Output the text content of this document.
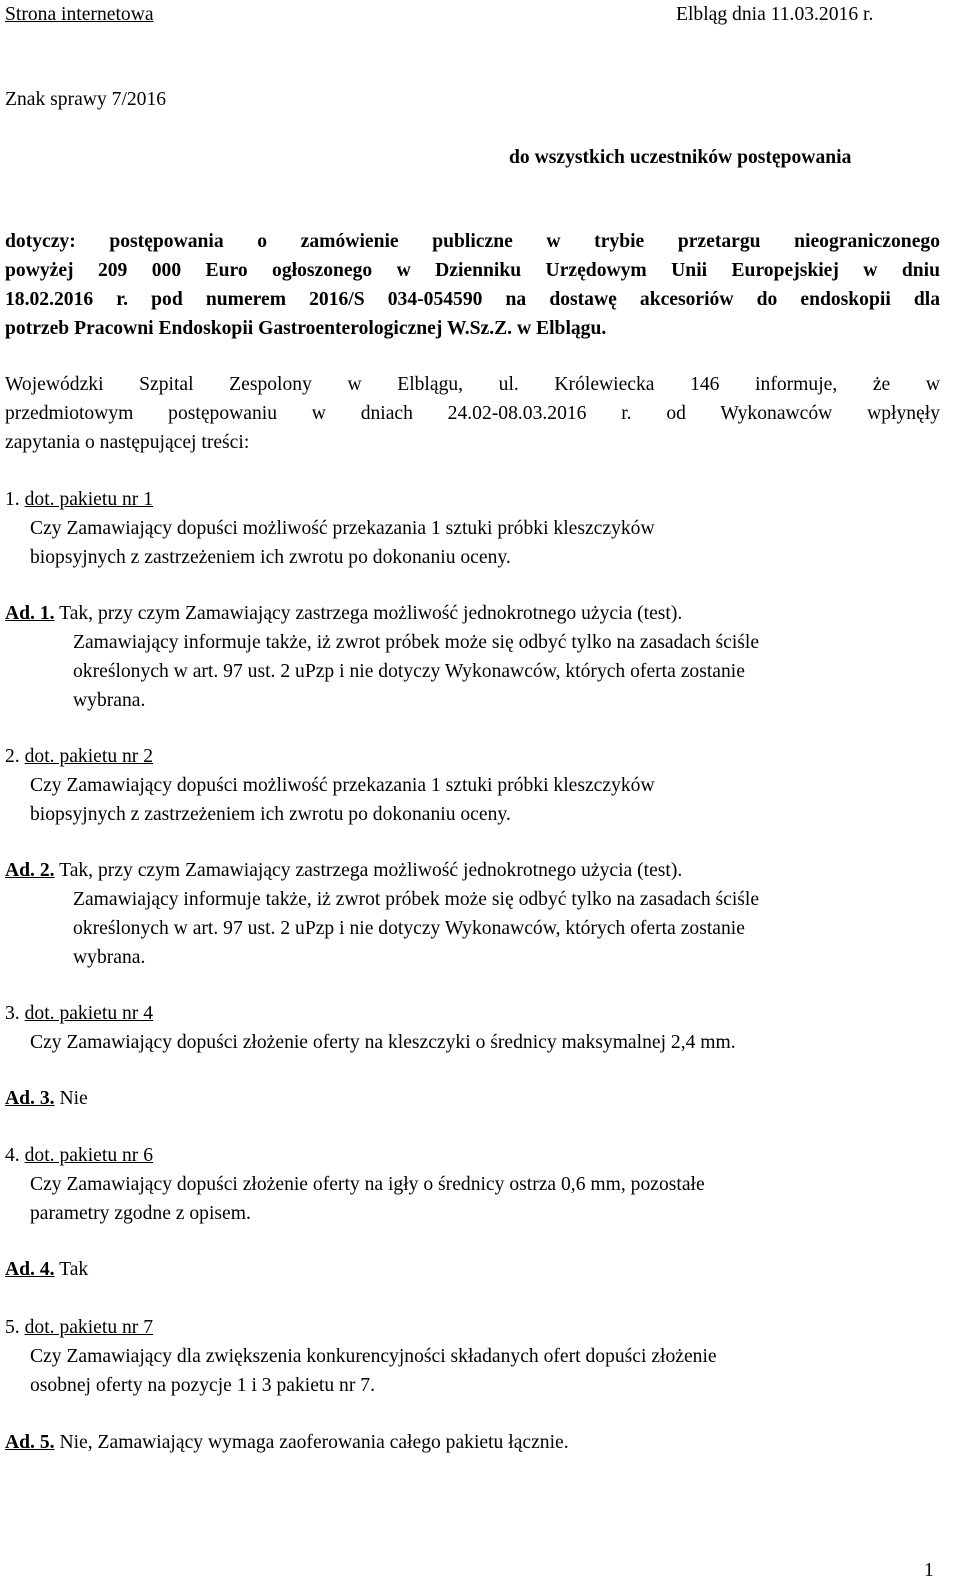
Strona internetowa	Elbląg dnia 11.03.2016 r.
Znak sprawy 7/2016
do wszystkich uczestników postępowania
dotyczy: postępowania o zamówienie publiczne w trybie przetargu nieograniczonego
powyżej 209 000 Euro ogłoszonego w Dzienniku Urzędowym Unii Europejskiej w dniu
18.02.2016 r. pod numerem 2016/S 034-054590 na dostawę akcesoriów do endoskopii dla
potrzeb Pracowni Endoskopii Gastroenterologicznej W.Sz.Z. w Elblągu.
Wojewódzki Szpital Zespolony w Elblągu, ul. Królewiecka 146 informuje, że w
przedmiotowym postępowaniu w dniach 24.02-08.03.2016 r. od Wykonawców wpłynęły
zapytania o następującej treści:
1. dot. pakietu nr 1
Czy Zamawiający dopuści możliwość przekazania 1 sztuki próbki kleszczyków
biopsyjnych z zastrzeżeniem ich zwrotu po dokonaniu oceny.
Ad. 1. Tak, przy czym Zamawiający zastrzega możliwość jednokrotnego użycia (test).
Zamawiający informuje także, iż zwrot próbek może się odbyć tylko na zasadach ściśle
określonych w art. 97 ust. 2 uPzp i nie dotyczy Wykonawców, których oferta zostanie
wybrana.
2. dot. pakietu nr 2
Czy Zamawiający dopuści możliwość przekazania 1 sztuki próbki kleszczyków
biopsyjnych z zastrzeżeniem ich zwrotu po dokonaniu oceny.
Ad. 2. Tak, przy czym Zamawiający zastrzega możliwość jednokrotnego użycia (test).
Zamawiający informuje także, iż zwrot próbek może się odbyć tylko na zasadach ściśle
określonych w art. 97 ust. 2 uPzp i nie dotyczy Wykonawców, których oferta zostanie
wybrana.
3. dot. pakietu nr 4
Czy Zamawiający dopuści złożenie oferty na kleszczyki o średnicy maksymalnej 2,4 mm.
Ad. 3. Nie
4. dot. pakietu nr 6
Czy Zamawiający dopuści złożenie oferty na igły o średnicy ostrza 0,6 mm, pozostałe
parametry zgodne z opisem.
Ad. 4. Tak
5. dot. pakietu nr 7
Czy Zamawiający dla zwiększenia konkurencyjności składanych ofert dopuści złożenie
osobnej oferty na pozycje 1 i 3 pakietu nr 7.
Ad. 5. Nie, Zamawiający wymaga zaoferowania całego pakietu łącznie.
1
